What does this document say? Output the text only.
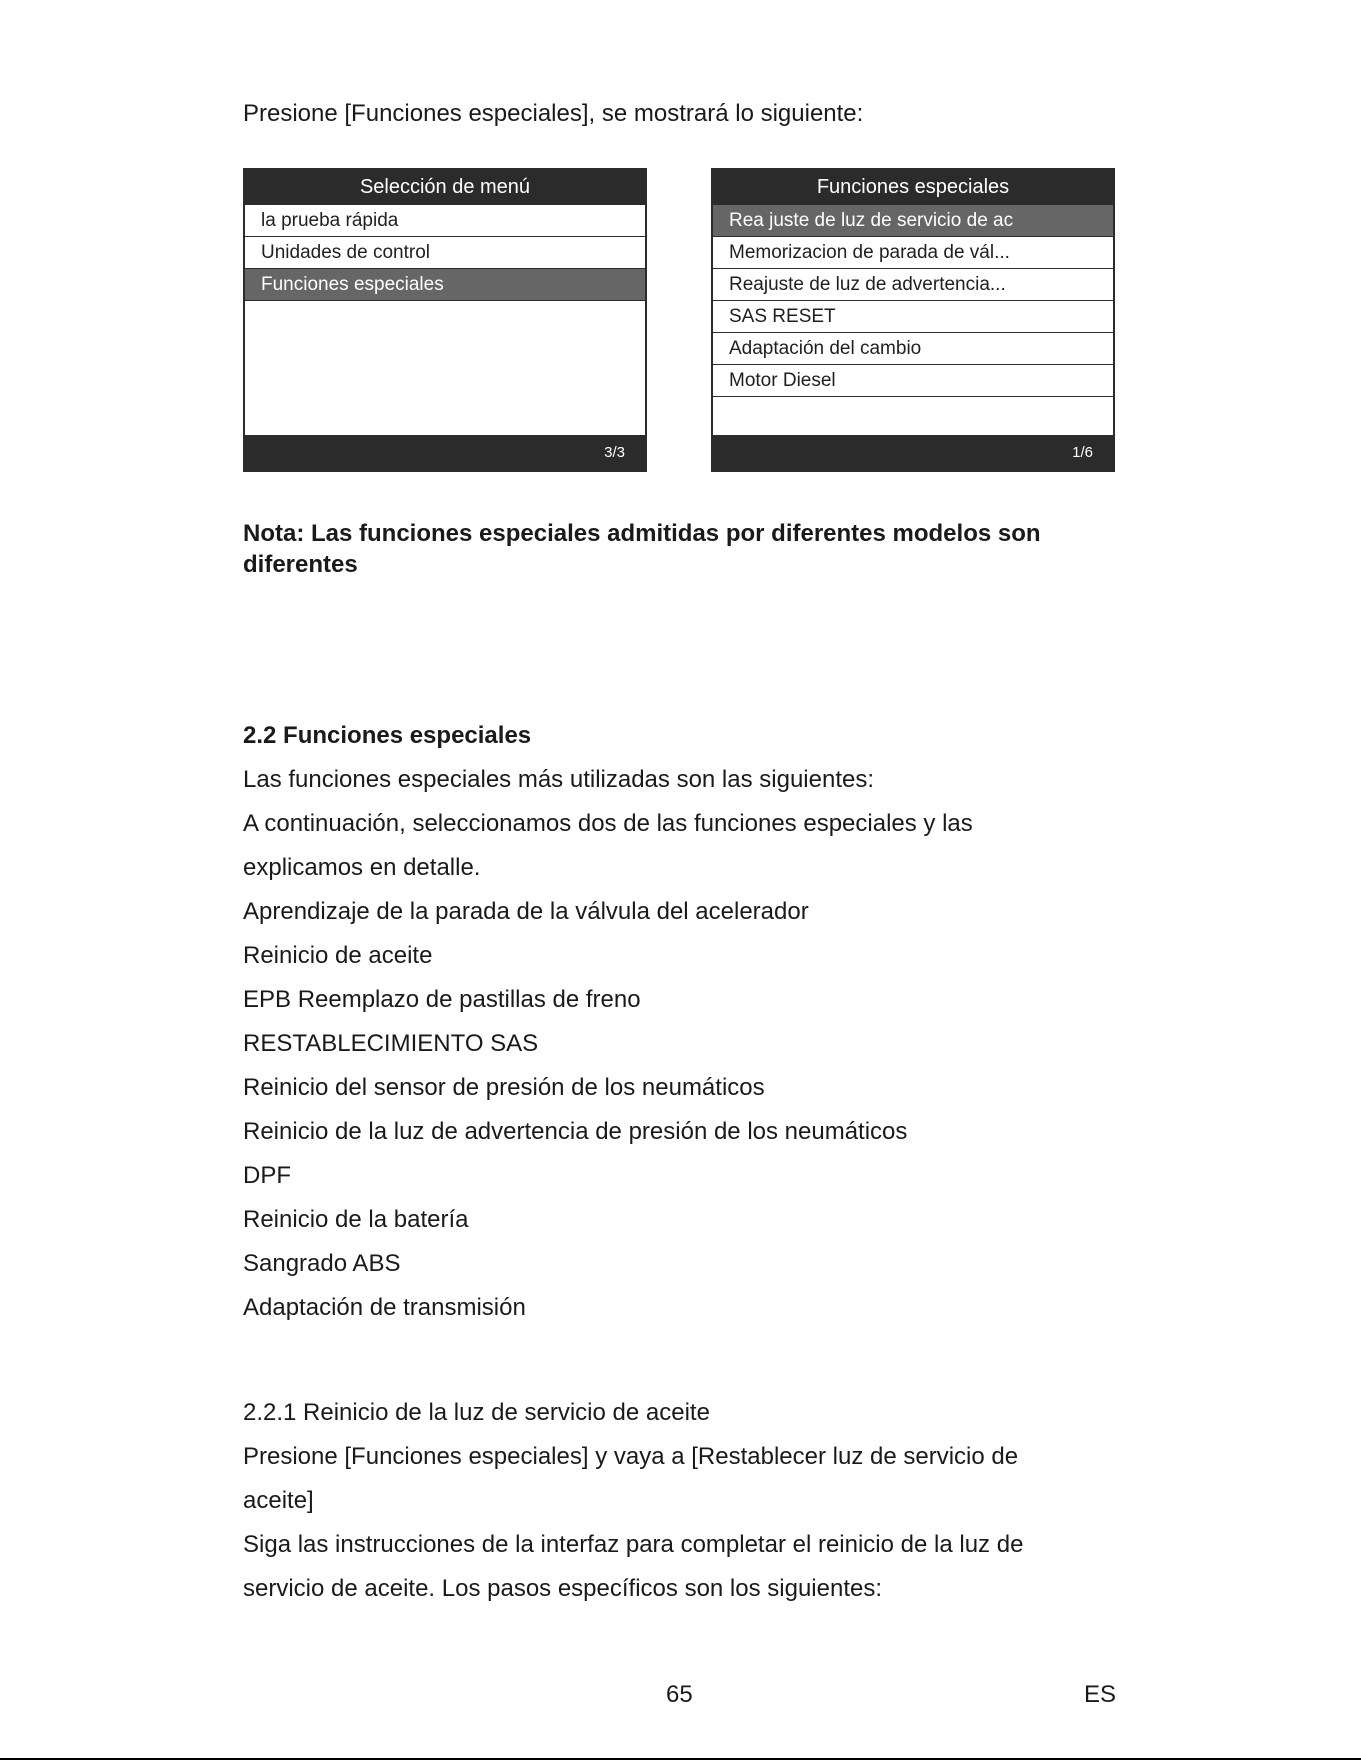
Presione [Funciones especiales], se mostrará lo siguiente:
Selección de menú
la prueba rápida
Unidades de control
Funciones especiales
3/3
Funciones especiales
Rea juste de luz de servicio de ac
Memorizacion de parada de vál...
Reajuste de luz de advertencia...
SAS RESET
Adaptación del cambio
Motor Diesel
1/6
Nota: Las funciones especiales admitidas por diferentes modelos son diferentes
2.2 Funciones especiales
Las funciones especiales más utilizadas son las siguientes:
A continuación, seleccionamos dos de las funciones especiales y las
explicamos en detalle.
Aprendizaje de la parada de la válvula del acelerador
Reinicio de aceite
EPB Reemplazo de pastillas de freno
RESTABLECIMIENTO SAS
Reinicio del sensor de presión de los neumáticos
Reinicio de la luz de advertencia de presión de los neumáticos
DPF
Reinicio de la batería
Sangrado ABS
Adaptación de transmisión
2.2.1 Reinicio de la luz de servicio de aceite
Presione [Funciones especiales] y vaya a [Restablecer luz de servicio de
aceite]
Siga las instrucciones de la interfaz para completar el reinicio de la luz de
servicio de aceite. Los pasos específicos son los siguientes:
65	ES
